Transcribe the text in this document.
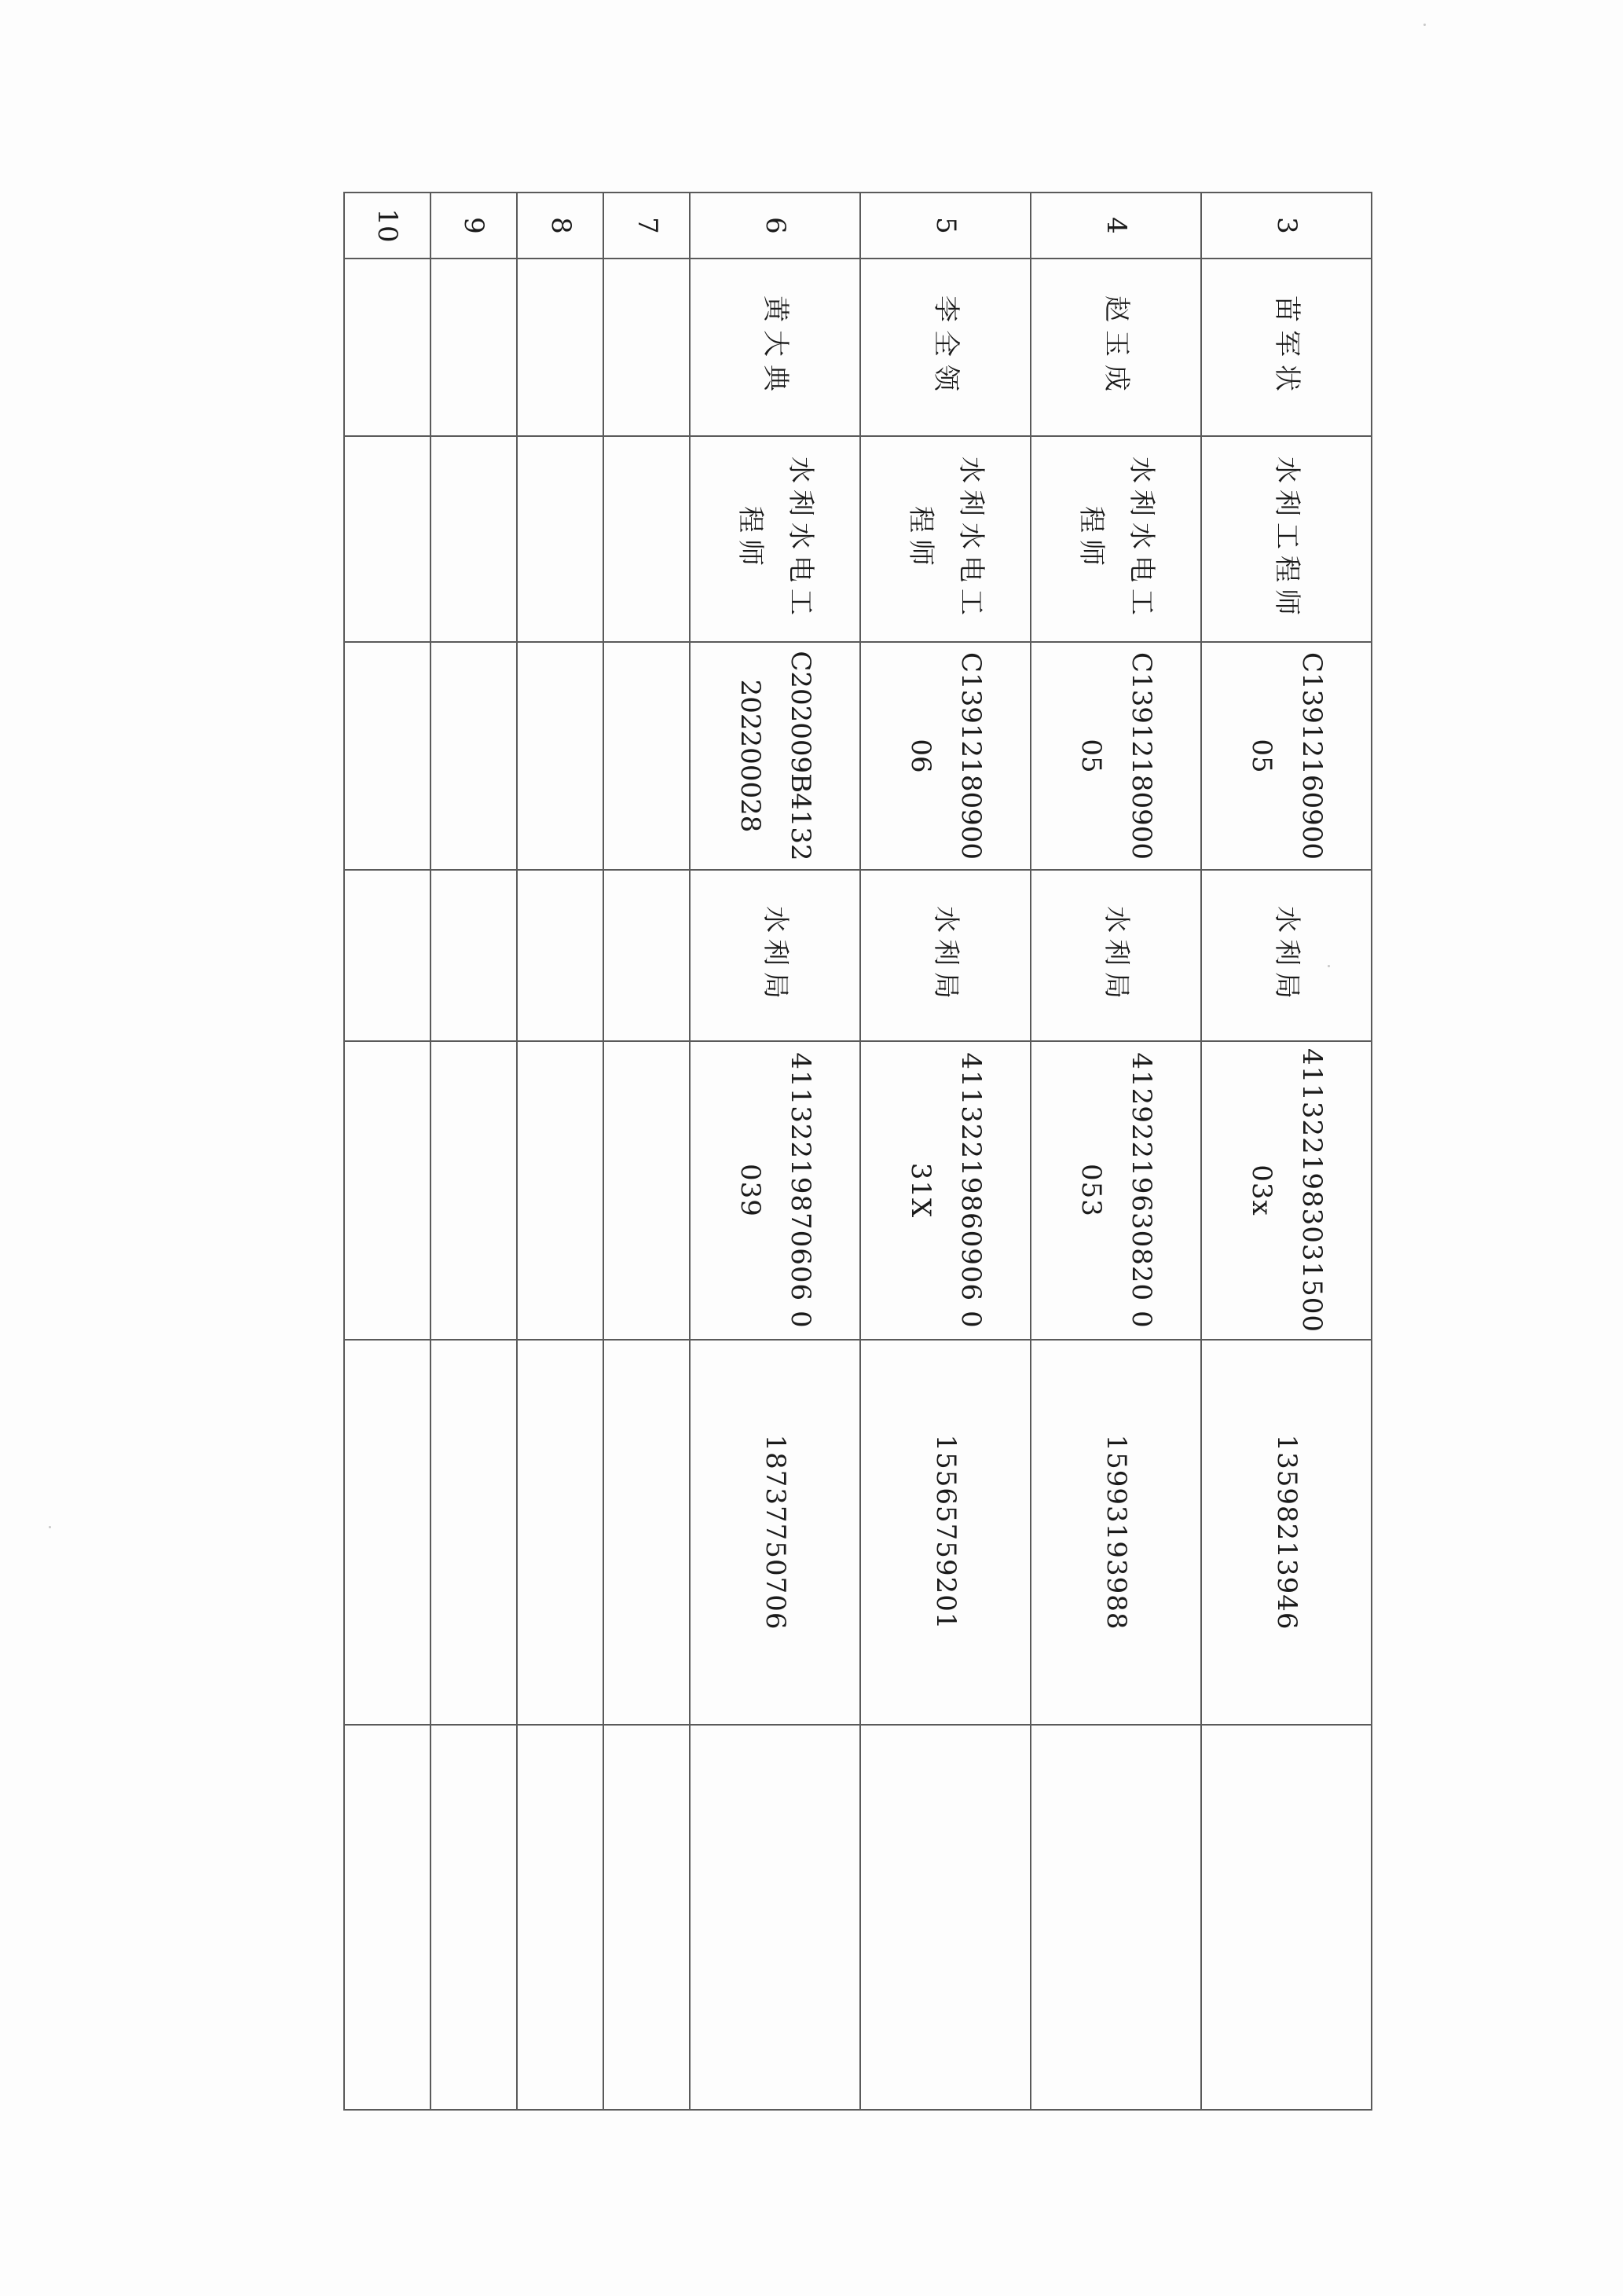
3	苗军状	水利工程师	C1391216090005	水利局	411322198303150003x	13598213946	
4	赵玉成	水利水电工程师	C1391218090005	水利局	41292219630820 0053	15993193988	
5	李全领	水利水电工程师	C1391218090006	水利局	41132219860906 031X	15565759201	
6	黄大典	水利水电工程师	C202009B4132202200028	水利局	41132219870606 0039	18737750706	
7							
8							
9							
10							
